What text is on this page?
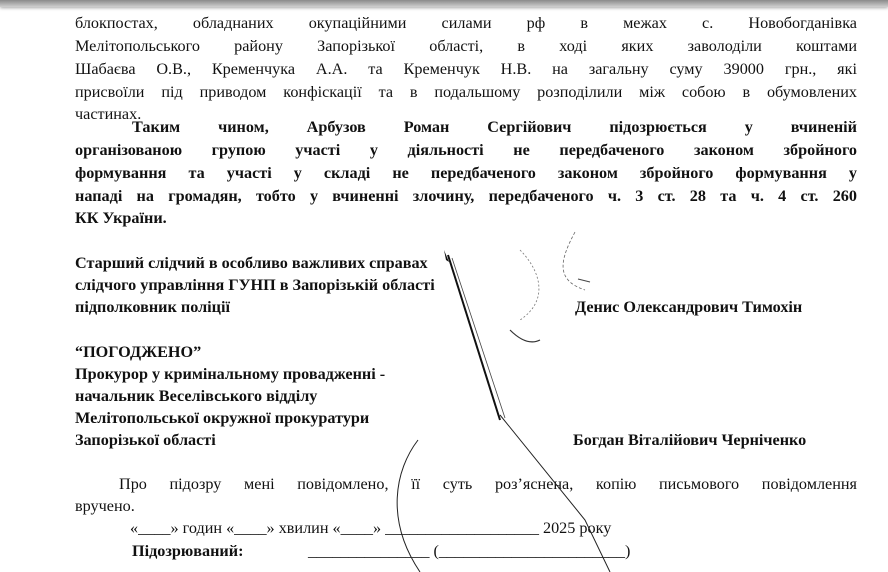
блокпостах, обладнаних окупаційними силами рф в межах с. Новобогданівка
Мелітопольського району Запорізької області, в ході яких заволоділи коштами
Шабаєва О.В., Кременчука А.А. та Кременчук Н.В. на загальну суму 39000 грн., які
присвоїли під приводом конфіскації та в подальшому розподілили між собою в обумовлених
частинах.
Таким чином, Арбузов Роман Сергійович підозрюється у вчиненій
організованою групою участі у діяльності не передбаченого законом збройного
формування та участі у складі не передбаченого законом збройного формування у
нападі на громадян, тобто у вчиненні злочину, передбаченого ч. 3 ст. 28 та ч. 4 ст. 260
КК України.
Старший слідчий в особливо важливих справах
слідчого управління ГУНП в Запорізькій області
підполковник поліції	Денис Олександрович Тимохін
“ПОГОДЖЕНО”
Прокурор у кримінальному провадженні -
начальник Веселівського відділу
Мелітопольської окружної прокуратури
Запорізької області	Богдан Віталійович Черніченко
Про підозру мені повідомлено, її суть роз’яснена, копію письмового повідомлення
вручено.
«____» годин «____» хвилин «____» ___________________ 2025 року
Підозрюваний:	_______________ (_______________________)
